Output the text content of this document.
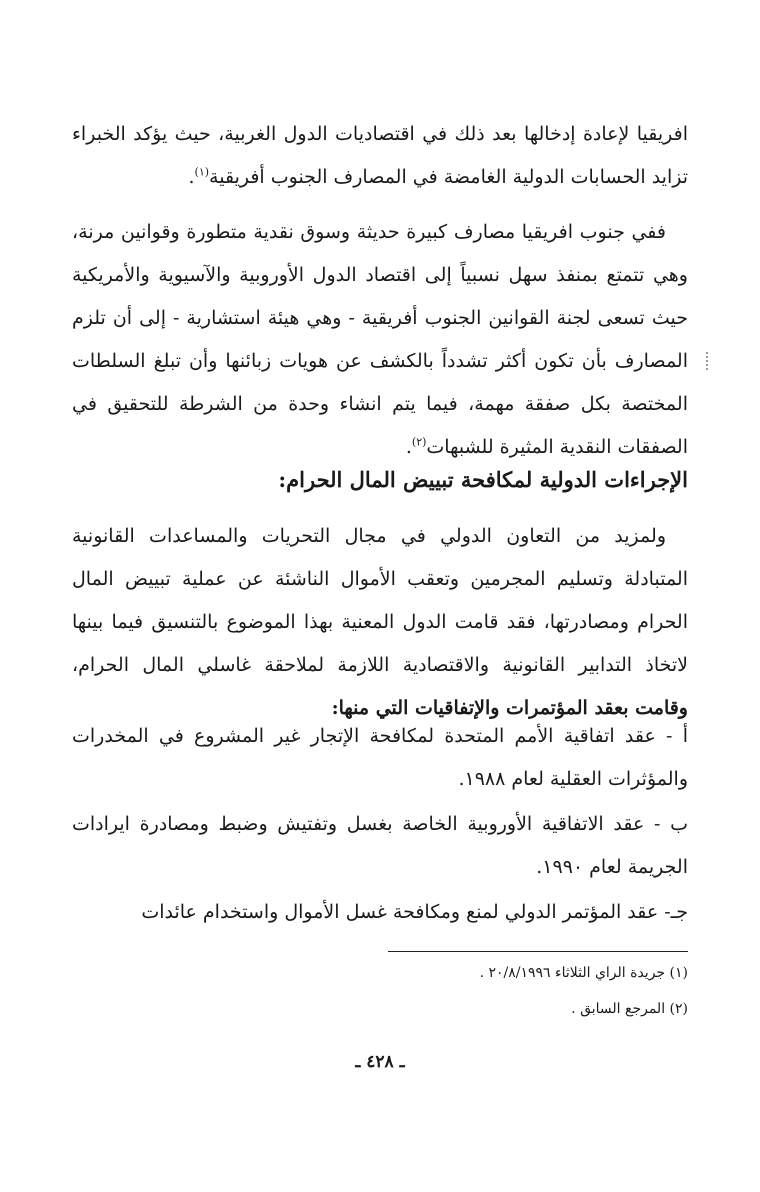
افريقيا لإعادة إدخالها بعد ذلك في اقتصاديات الدول الغربية، حيث يؤكد الخبراء تزايد الحسابات الدولية الغامضة في المصارف الجنوب أفريقية$^{(١)}$.

ففي جنوب افريقيا مصارف كبيرة حديثة وسوق نقدية متطورة وقوانين مرنة، وهي تتمتع بمنفذ سهل نسبياً إلى اقتصاد الدول الأوروبية والآسيوية والأمريكية حيث تسعى لجنة القوانين الجنوب أفريقية - وهي هيئة استشارية - إلى أن تلزم المصارف بأن تكون أكثر تشدداً بالكشف عن هويات زبائنها وأن تبلغ السلطات المختصة بكل صفقة مهمة، فيما يتم انشاء وحدة من الشرطة للتحقيق في الصفقات النقدية المثيرة للشبهات$^{(٢)}$.

الإجراءات الدولية لمكافحة تبييض المال الحرام:

ولمزيد من التعاون الدولي في مجال التحريات والمساعدات القانونية المتبادلة وتسليم المجرمين وتعقب الأموال الناشئة عن عملية تبييض المال الحرام ومصادرتها، فقد قامت الدول المعنية بهذا الموضوع بالتنسيق فيما بينها لاتخاذ التدابير القانونية والاقتصادية اللازمة لملاحقة غاسلي المال الحرام، وقامت بعقد المؤتمرات والإتفاقيات التي منها:

أ - عقد اتفاقية الأمم المتحدة لمكافحة الإتجار غير المشروع في المخدرات والمؤثرات العقلية لعام ١٩٨٨.

ب - عقد الاتفاقية الأوروبية الخاصة بغسل وتفتيش وضبط ومصادرة ايرادات الجريمة لعام ١٩٩٠.

جـ- عقد المؤتمر الدولي لمنع ومكافحة غسل الأموال واستخدام عائدات

(١) جريدة الراي الثلاثاء ٢٠/٨/١٩٩٦ .
(٢) المرجع السابق .
ـ ٤٢٨ ـ
